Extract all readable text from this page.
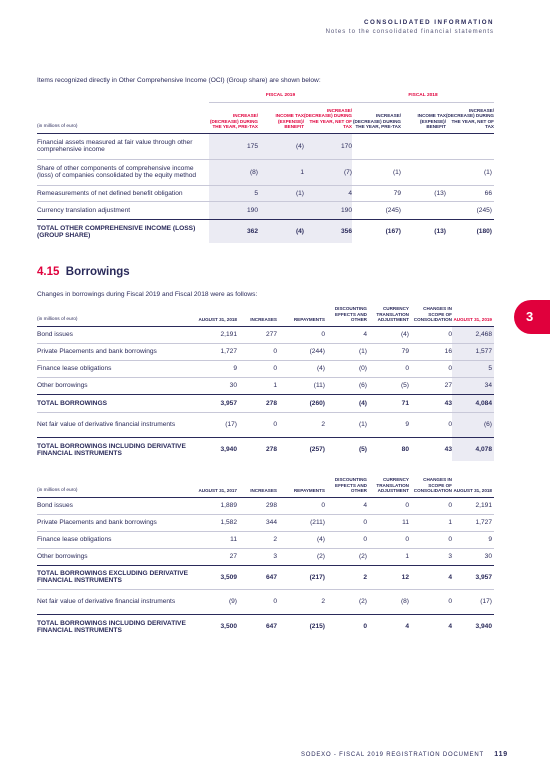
CONSOLIDATED INFORMATION
Notes to the consolidated financial statements
Items recognized directly in Other Comprehensive Income (OCI) (Group share) are shown below:

	FISCAL 2019			FISCAL 2018		

(in millions of euro)	INCREASE/ (DECREASE) DURING THE YEAR, PRE-TAX	INCOME TAX (EXPENSE)/ BENEFIT	INCREASE/ (DECREASE) DURING THE YEAR, NET OF TAX	INCREASE/ (DECREASE) DURING THE YEAR, PRE-TAX	INCOME TAX (EXPENSE)/ BENEFIT	INCREASE/ (DECREASE) DURING THE YEAR, NET OF TAX
Financial assets measured at fair value through other comprehensive income	175	(4)	170			
Share of other components of comprehensive income (loss) of companies consolidated by the equity method	(8)	1	(7)	(1)		(1)
Remeasurements of net defined benefit obligation	5	(1)	4	79	(13)	66
Currency translation adjustment	190		190	(245)		(245)
TOTAL OTHER COMPREHENSIVE INCOME (LOSS) (GROUP SHARE)	362	(4)	356	(167)	(13)	(180)
4.15 Borrowings
Changes in borrowings during Fiscal 2019 and Fiscal 2018 were as follows:
(in millions of euro)	AUGUST 31, 2018	INCREASES	REPAYMENTS	DISCOUNTING EFFECTS AND OTHER	CURRENCY TRANSLATION ADJUSTMENT	CHANGES IN SCOPE OF CONSOLIDATION	AUGUST 31, 2019
Bond issues	2,191	277	0	4	(4)	0	2,468
Private Placements and bank borrowings	1,727	0	(244)	(1)	79	16	1,577
Finance lease obligations	9	0	(4)	(0)	0	0	5
Other borrowings	30	1	(11)	(6)	(5)	27	34
TOTAL BORROWINGS	3,957	278	(260)	(4)	71	43	4,084
Net fair value of derivative financial instruments	(17)	0	2	(1)	9	0	(6)
TOTAL BORROWINGS INCLUDING DERIVATIVE FINANCIAL INSTRUMENTS	3,940	278	(257)	(5)	80	43	4,078
(in millions of euro)	AUGUST 31, 2017	INCREASES	REPAYMENTS	DISCOUNTING EFFECTS AND OTHER	CURRENCY TRANSLATION ADJUSTMENT	CHANGES IN SCOPE OF CONSOLIDATION	AUGUST 31, 2018
Bond issues	1,889	298	0	4	0	0	2,191
Private Placements and bank borrowings	1,582	344	(211)	0	11	1	1,727
Finance lease obligations	11	2	(4)	0	0	0	9
Other borrowings	27	3	(2)	(2)	1	3	30
TOTAL BORROWINGS EXCLUDING DERIVATIVE FINANCIAL INSTRUMENTS	3,509	647	(217)	2	12	4	3,957
Net fair value of derivative financial instruments	(9)	0	2	(2)	(8)	0	(17)
TOTAL BORROWINGS INCLUDING DERIVATIVE FINANCIAL INSTRUMENTS	3,500	647	(215)	0	4	4	3,940
3
SODEXO - FISCAL 2019 REGISTRATION DOCUMENT 119
